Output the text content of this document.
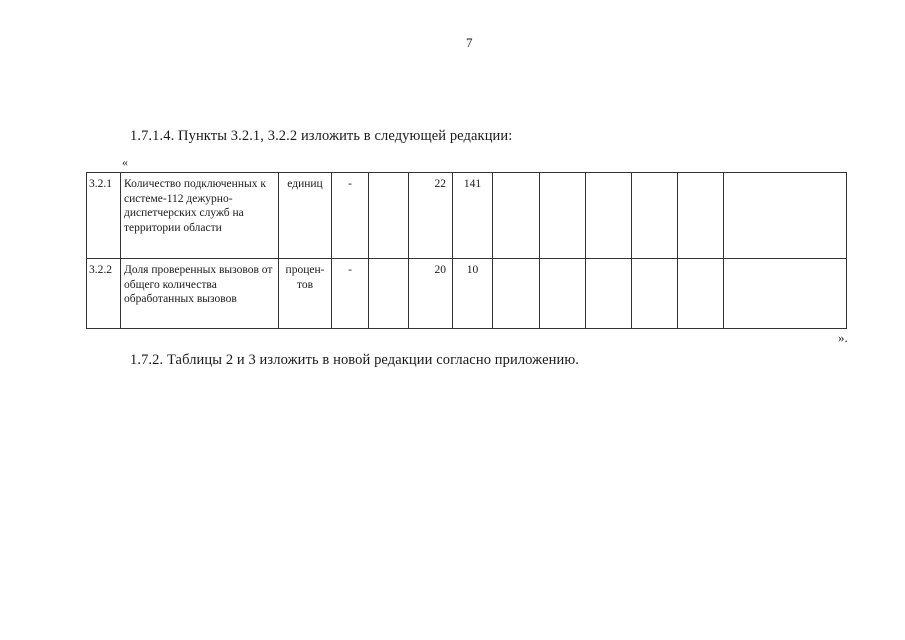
7
1.7.1.4. Пункты 3.2.1, 3.2.2 изложить в следующей редакции:
«
3.2.1	Количество подключенных к системе-112 дежурно-диспетчерских служб на территории области	единиц	-		22	141						
3.2.2	Доля проверенных вызовов от общего количества обработанных вызовов	процен-тов	-		20	10						
».
1.7.2. Таблицы 2 и 3 изложить в новой редакции согласно приложению.
